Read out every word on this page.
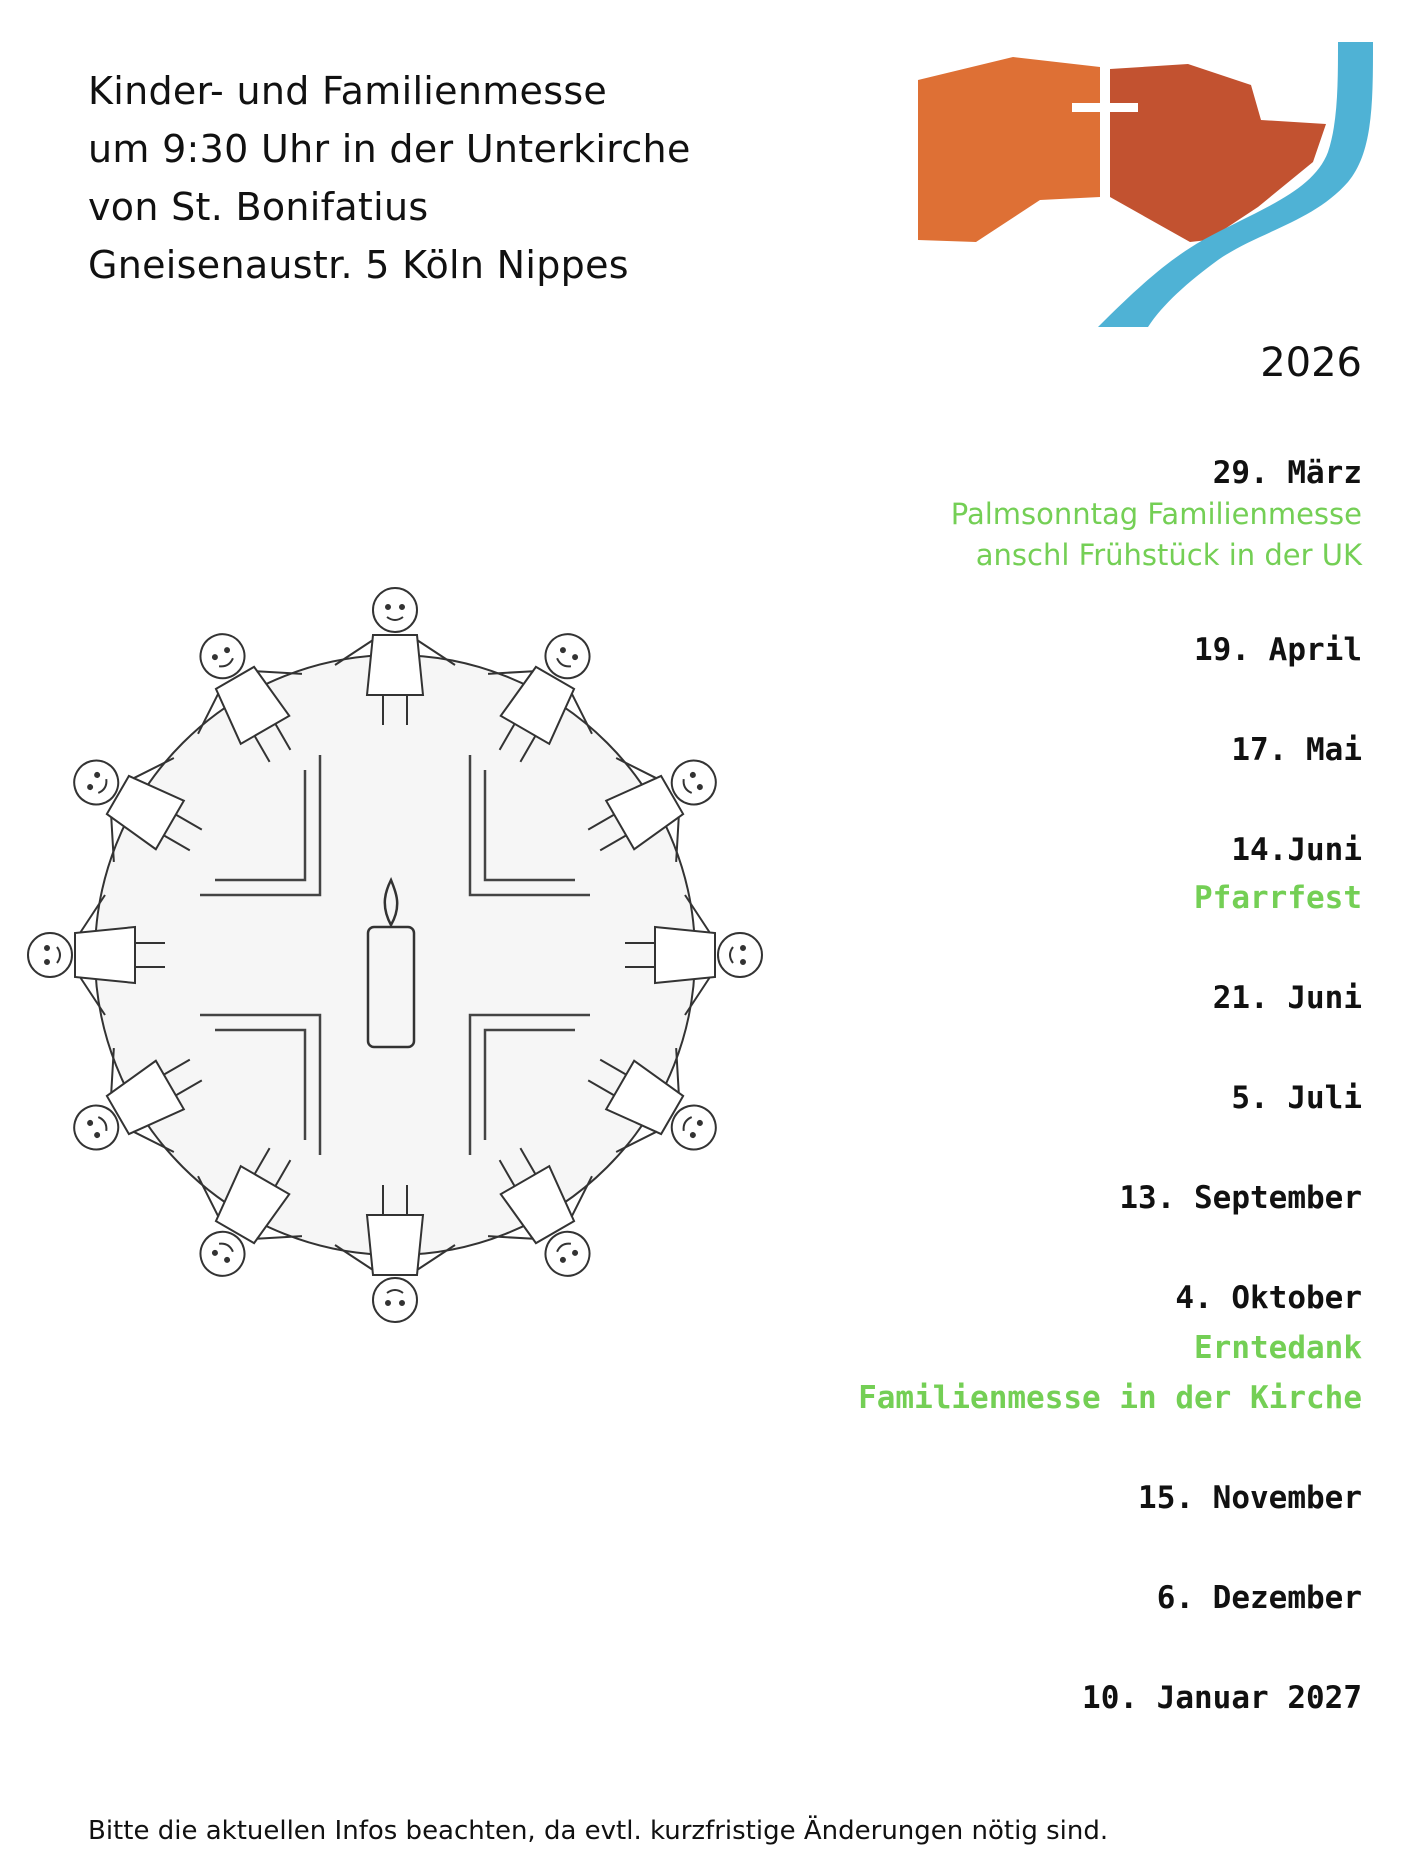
Kinder- und Familienmesse
um 9:30 Uhr in der Unterkirche
von St. Bonifatius
Gneisenaustr. 5 Köln Nippes
2026
29. März
Palmsonntag Familienmesse
anschl Frühstück in der UK
19. April
17. Mai
14.Juni
Pfarrfest
21. Juni
5. Juli
13. September
4. Oktober
Erntedank
Familienmesse in der Kirche
15. November
6. Dezember
10. Januar 2027
Bitte die aktuellen Infos beachten, da evtl. kurzfristige Änderungen nötig sind.
